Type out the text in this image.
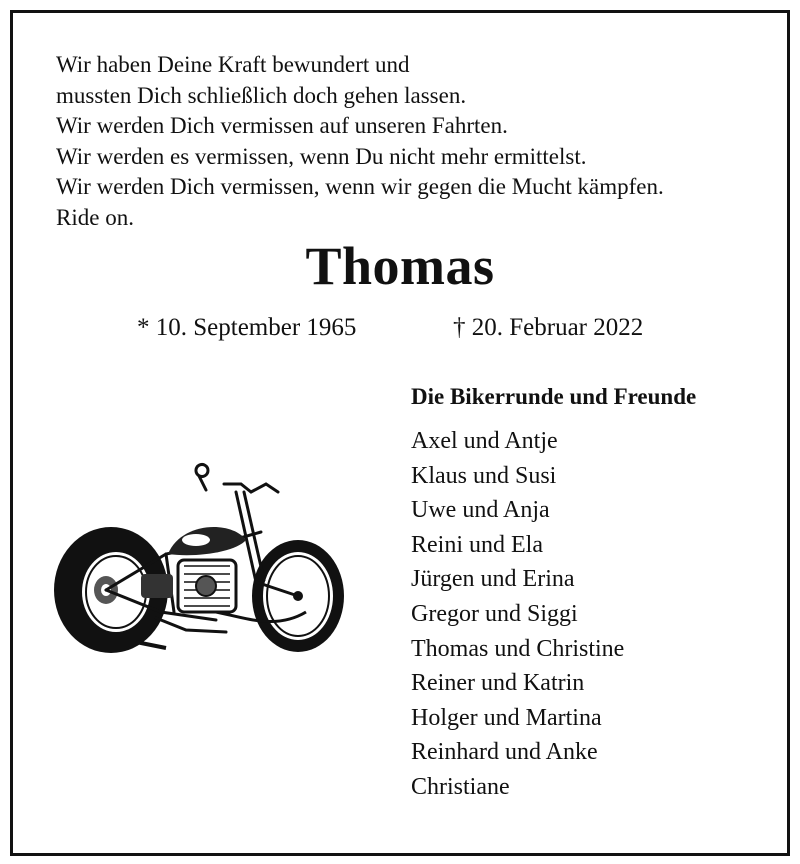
Wir haben Deine Kraft bewundert und
mussten Dich schließlich doch gehen lassen.
Wir werden Dich vermissen auf unseren Fahrten.
Wir werden es vermissen, wenn Du nicht mehr ermittelst.
Wir werden Dich vermissen, wenn wir gegen die Mucht kämpfen.
Ride on.
Thomas
* 10. September 1965	† 20. Februar 2022
Die Bikerrunde und Freunde
Axel und Antje
Klaus und Susi
Uwe und Anja
Reini und Ela
Jürgen und Erina
Gregor und Siggi
Thomas und Christine
Reiner und Katrin
Holger und Martina
Reinhard und Anke
Christiane
